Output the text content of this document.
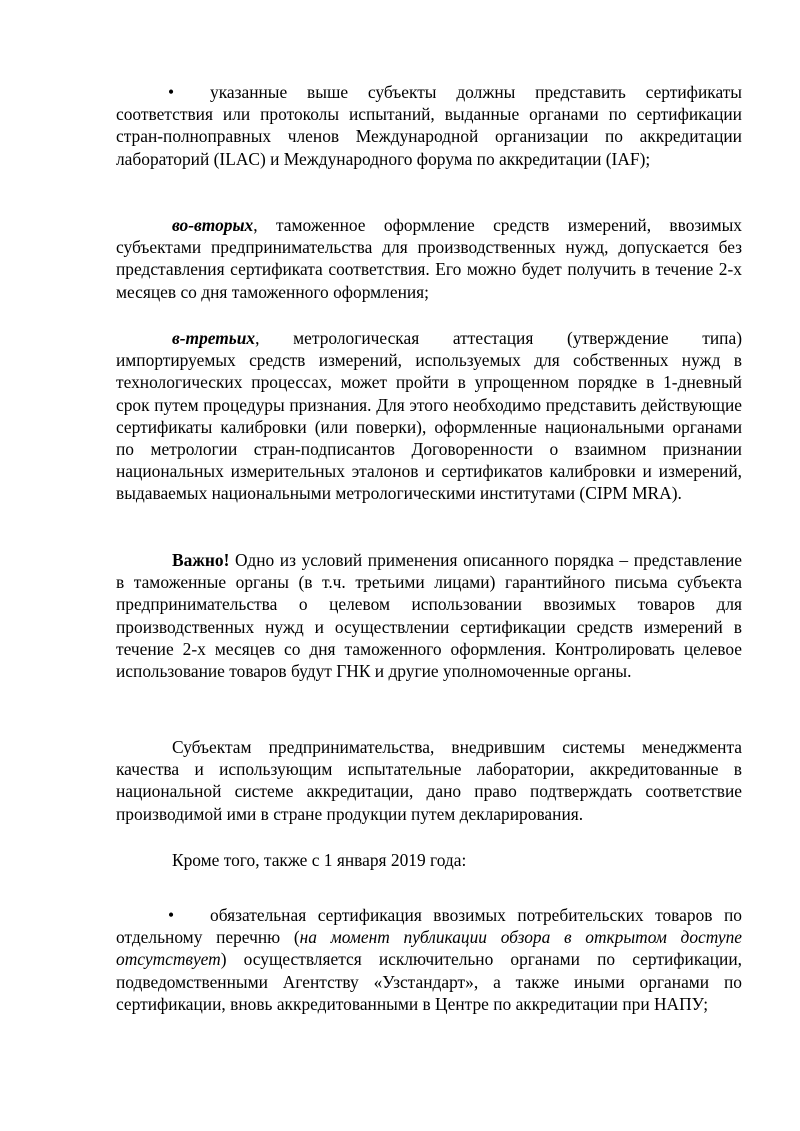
•	указанные выше субъекты должны представить сертификаты соответствия или протоколы испытаний, выданные органами по сертификации стран-полноправных членов Международной организации по аккредитации лабораторий (ILAC) и Международного форума по аккредитации (IAF);

во-вторых, таможенное оформление средств измерений, ввозимых субъектами предпринимательства для производственных нужд, допускается без представления сертификата соответствия. Его можно будет получить в течение 2-х месяцев со дня таможенного оформления;

в-третьих, метрологическая аттестация (утверждение типа) импортируемых средств измерений, используемых для собственных нужд в технологических процессах, может пройти в упрощенном порядке в 1-дневный срок путем процедуры признания. Для этого необходимо представить действующие сертификаты калибровки (или поверки), оформленные национальными органами по метрологии стран-подписантов Договоренности о взаимном признании национальных измерительных эталонов и сертификатов калибровки и измерений, выдаваемых национальными метрологическими институтами (CIPM MRA).

Важно! Одно из условий применения описанного порядка – представление в таможенные органы (в т.ч. третьими лицами) гарантийного письма субъекта предпринимательства о целевом использовании ввозимых товаров для производственных нужд и осуществлении сертификации средств измерений в течение 2-х месяцев со дня таможенного оформления. Контролировать целевое использование товаров будут ГНК и другие уполномоченные органы.

Субъектам предпринимательства, внедрившим системы менеджмента качества и использующим испытательные лаборатории, аккредитованные в национальной системе аккредитации, дано право подтверждать соответствие производимой ими в стране продукции путем декларирования.

Кроме того, также с 1 января 2019 года:

•	обязательная сертификация ввозимых потребительских товаров по отдельному перечню (на момент публикации обзора в открытом доступе отсутствует) осуществляется исключительно органами по сертификации, подведомственными Агентству «Узстандарт», а также иными органами по сертификации, вновь аккредитованными в Центре по аккредитации при НАПУ;
